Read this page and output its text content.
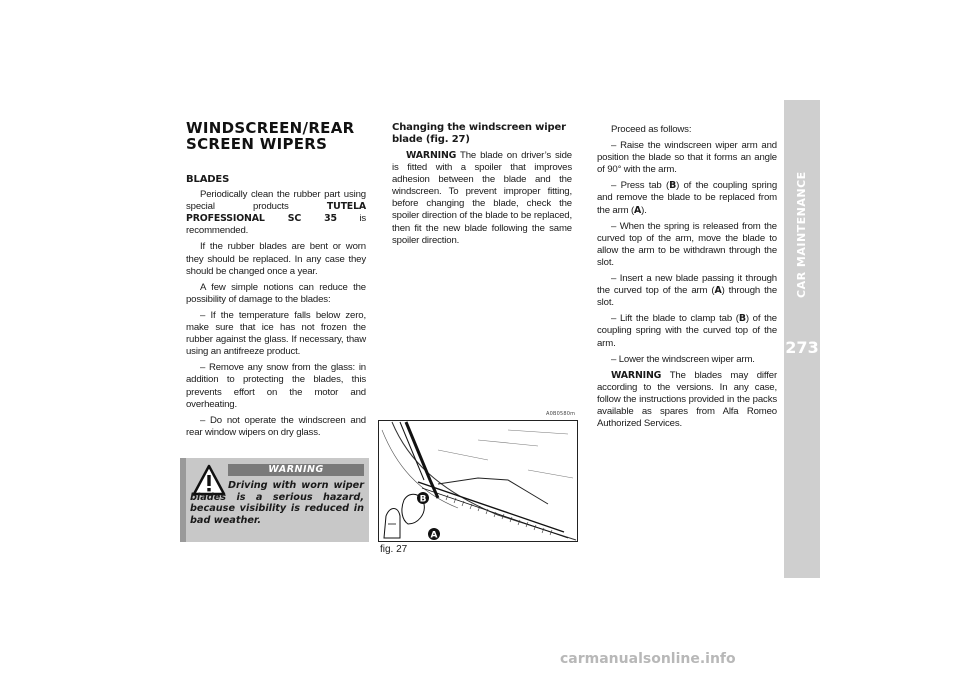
CAR MAINTENANCE
273
WINDSCREEN/REAR
SCREEN WIPERS
BLADES

Periodically clean the rubber part using special products TUTELA PROFESSIONAL SC 35 is recommended.

If the rubber blades are bent or worn they should be replaced. In any case they should be changed once a year.

A few simple notions can reduce the possibility of damage to the blades:

– If the temperature falls below zero, make sure that ice has not frozen the rubber against the glass. If necessary, thaw using an antifreeze product.

– Remove any snow from the glass: in addition to protecting the blades, this prevents effort on the motor and overheating.

– Do not operate the windscreen and rear window wipers on dry glass.

WARNING
Driving with worn wiper blades is a serious hazard, because visibility is reduced in bad weather.
Changing the windscreen wiper blade (fig. 27)

WARNING The blade on driver’s side is fitted with a spoiler that improves adhesion between the blade and the windscreen. To prevent improper fitting, before changing the blade, check the spoiler direction of the blade to be replaced, then fit the new blade following the same spoiler direction.

A0B0580m
B
A
fig. 27

Proceed as follows:

– Raise the windscreen wiper arm and position the blade so that it forms an angle of 90° with the arm.

– Press tab (B) of the coupling spring and remove the blade to be replaced from the arm (A).

– When the spring is released from the curved top of the arm, move the blade to allow the arm to be withdrawn through the slot.

– Insert a new blade passing it through the curved top of the arm (A) through the slot.

– Lift the blade to clamp tab (B) of the coupling spring with the curved top of the arm.

– Lower the windscreen wiper arm.

WARNING The blades may differ according to the versions. In any case, follow the instructions provided in the packs available as spares from Alfa Romeo Authorized Services.

carmanualsonline.info
